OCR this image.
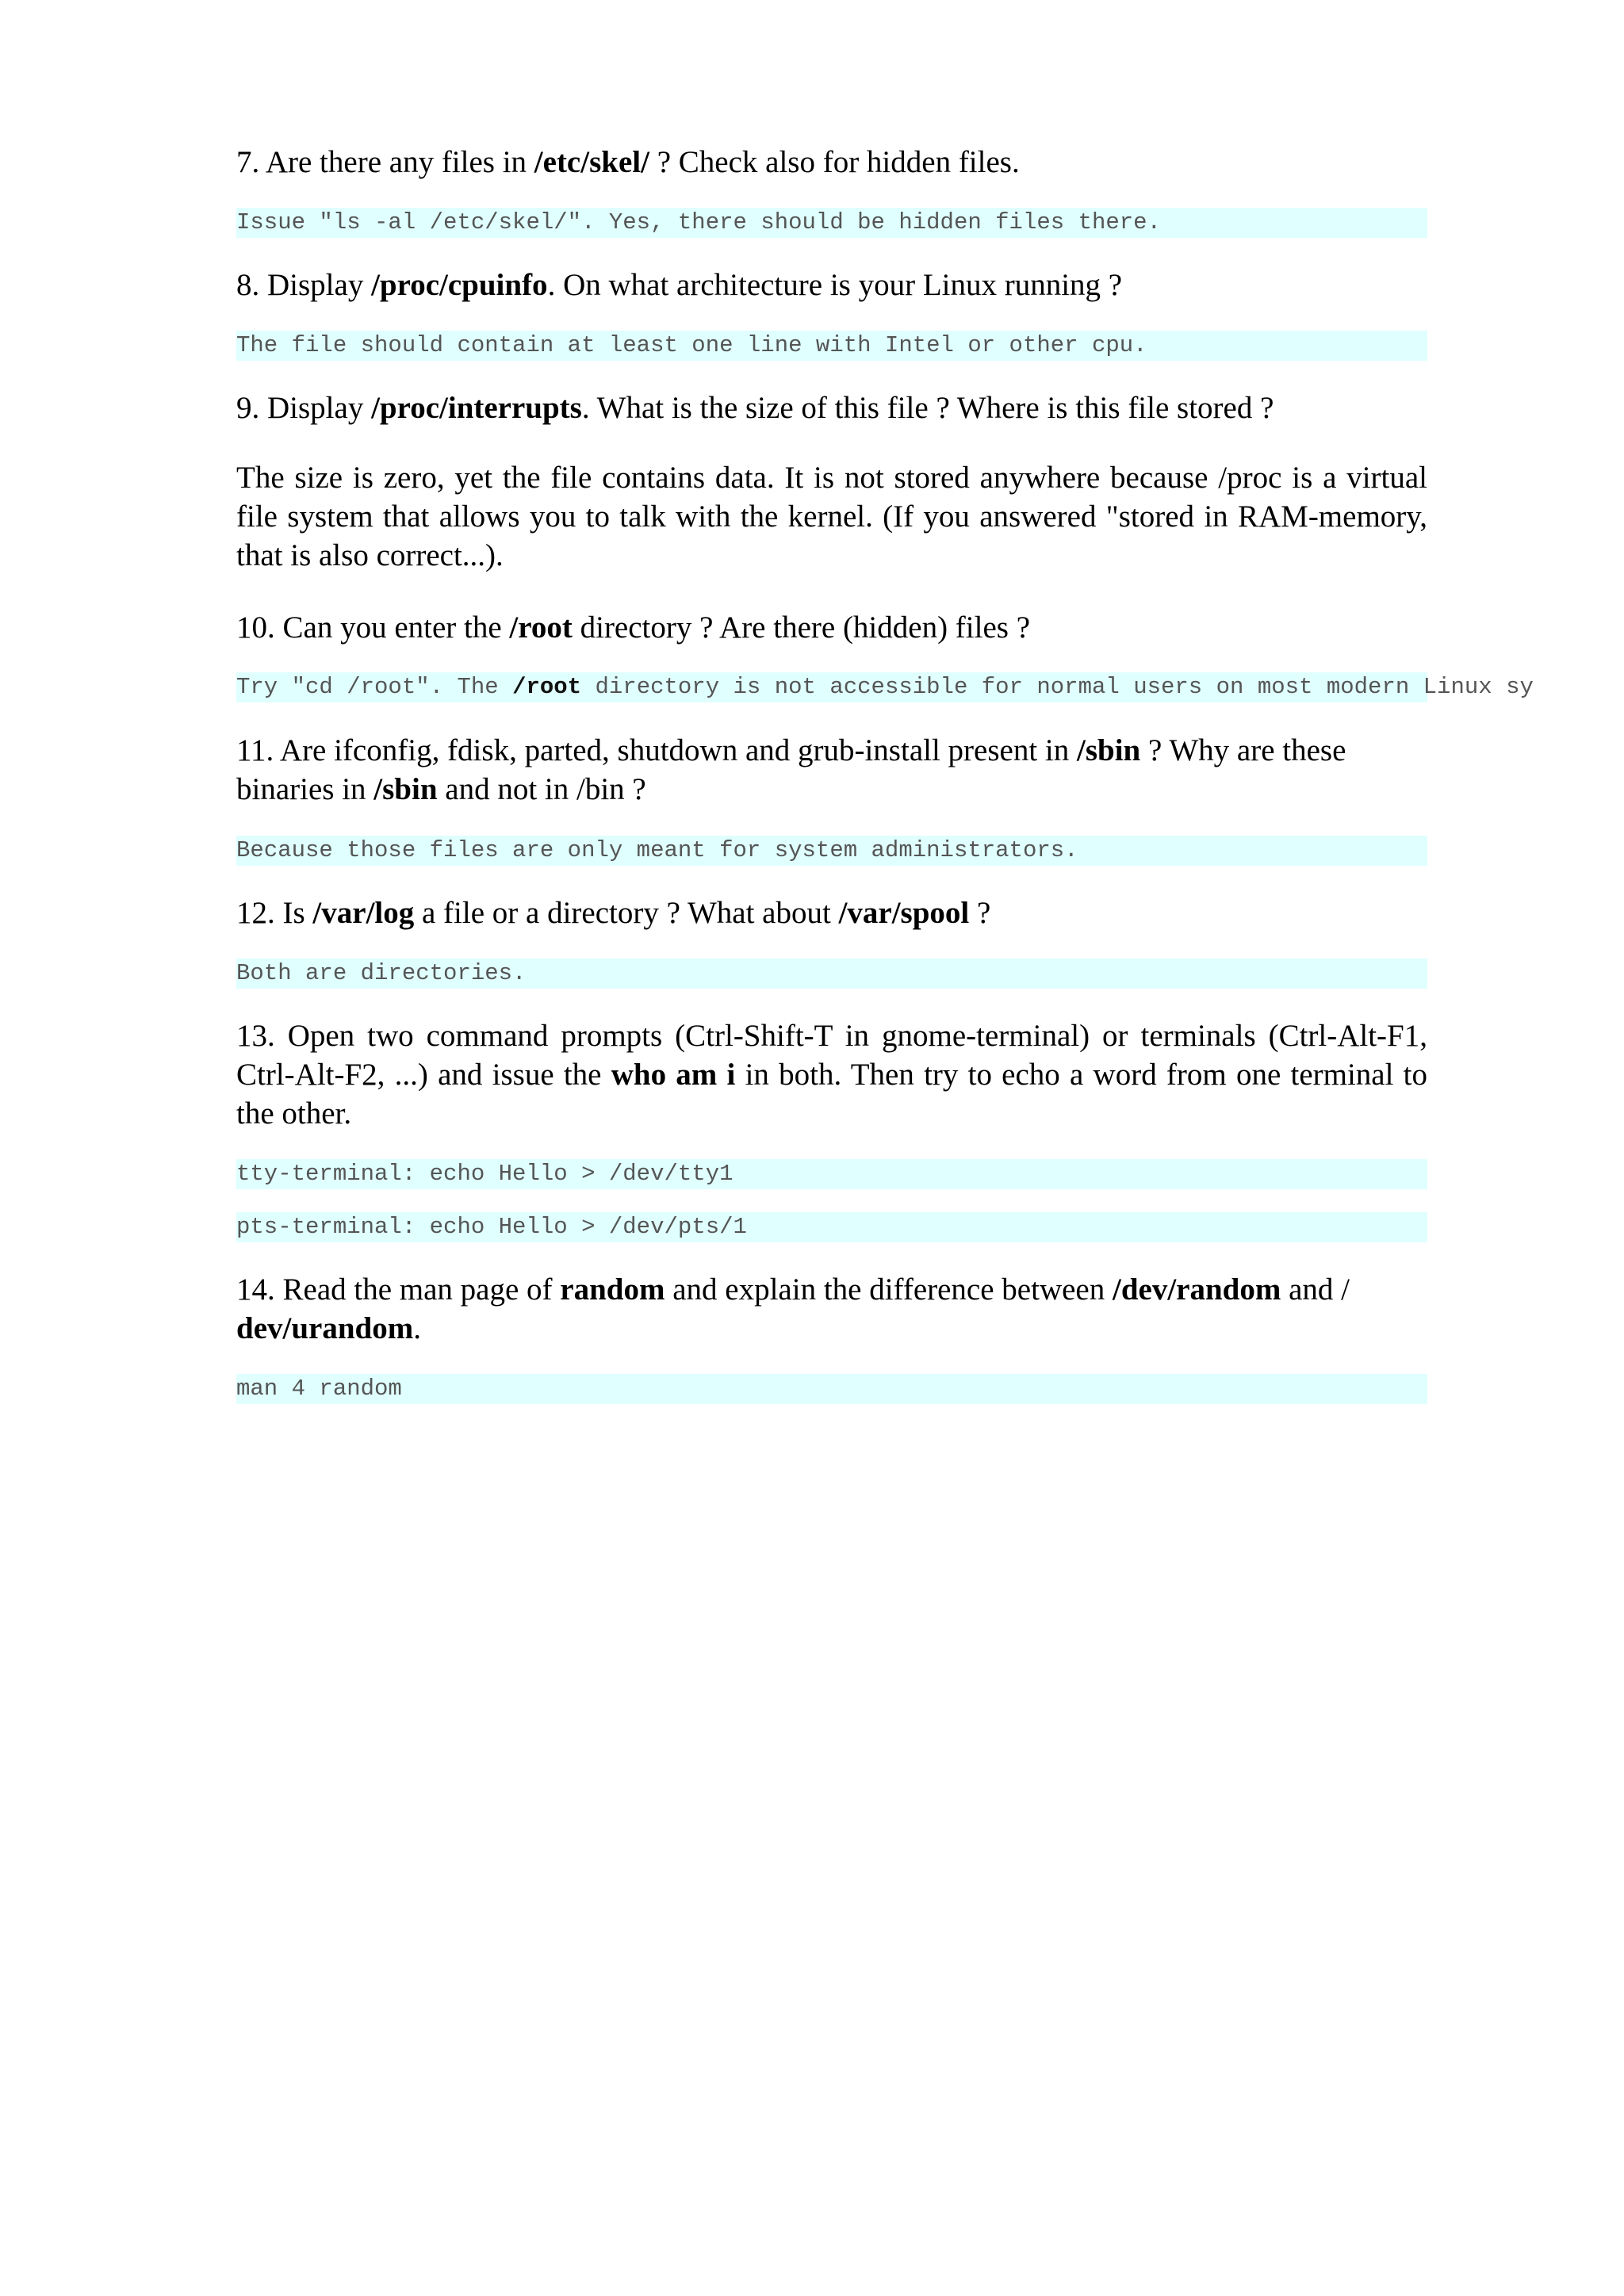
7. Are there any files in /etc/skel/ ? Check also for hidden files.

Issue "ls -al /etc/skel/". Yes, there should be hidden files there.

8. Display /proc/cpuinfo. On what architecture is your Linux running ?

The file should contain at least one line with Intel or other cpu.

9. Display /proc/interrupts. What is the size of this file ? Where is this file stored ?

The size is zero, yet the file contains data. It is not stored anywhere because /proc is a virtual file system that allows you to talk with the kernel. (If you answered "stored in RAM-memory, that is also correct...).

10. Can you enter the /root directory ? Are there (hidden) files ?

Try "cd /root". The /root directory is not accessible for normal users on most modern Linux sy

11. Are ifconfig, fdisk, parted, shutdown and grub-install present in /sbin ? Why are these binaries in /sbin and not in /bin ?

Because those files are only meant for system administrators.

12. Is /var/log a file or a directory ? What about /var/spool ?

Both are directories.

13. Open two command prompts (Ctrl-Shift-T in gnome-terminal) or terminals (Ctrl-Alt-F1, Ctrl-Alt-F2, ...) and issue the who am i in both. Then try to echo a word from one terminal to the other.

tty-terminal: echo Hello > /dev/tty1
pts-terminal: echo Hello > /dev/pts/1

14. Read the man page of random and explain the difference between /dev/random and /
dev/urandom.

man 4 random
